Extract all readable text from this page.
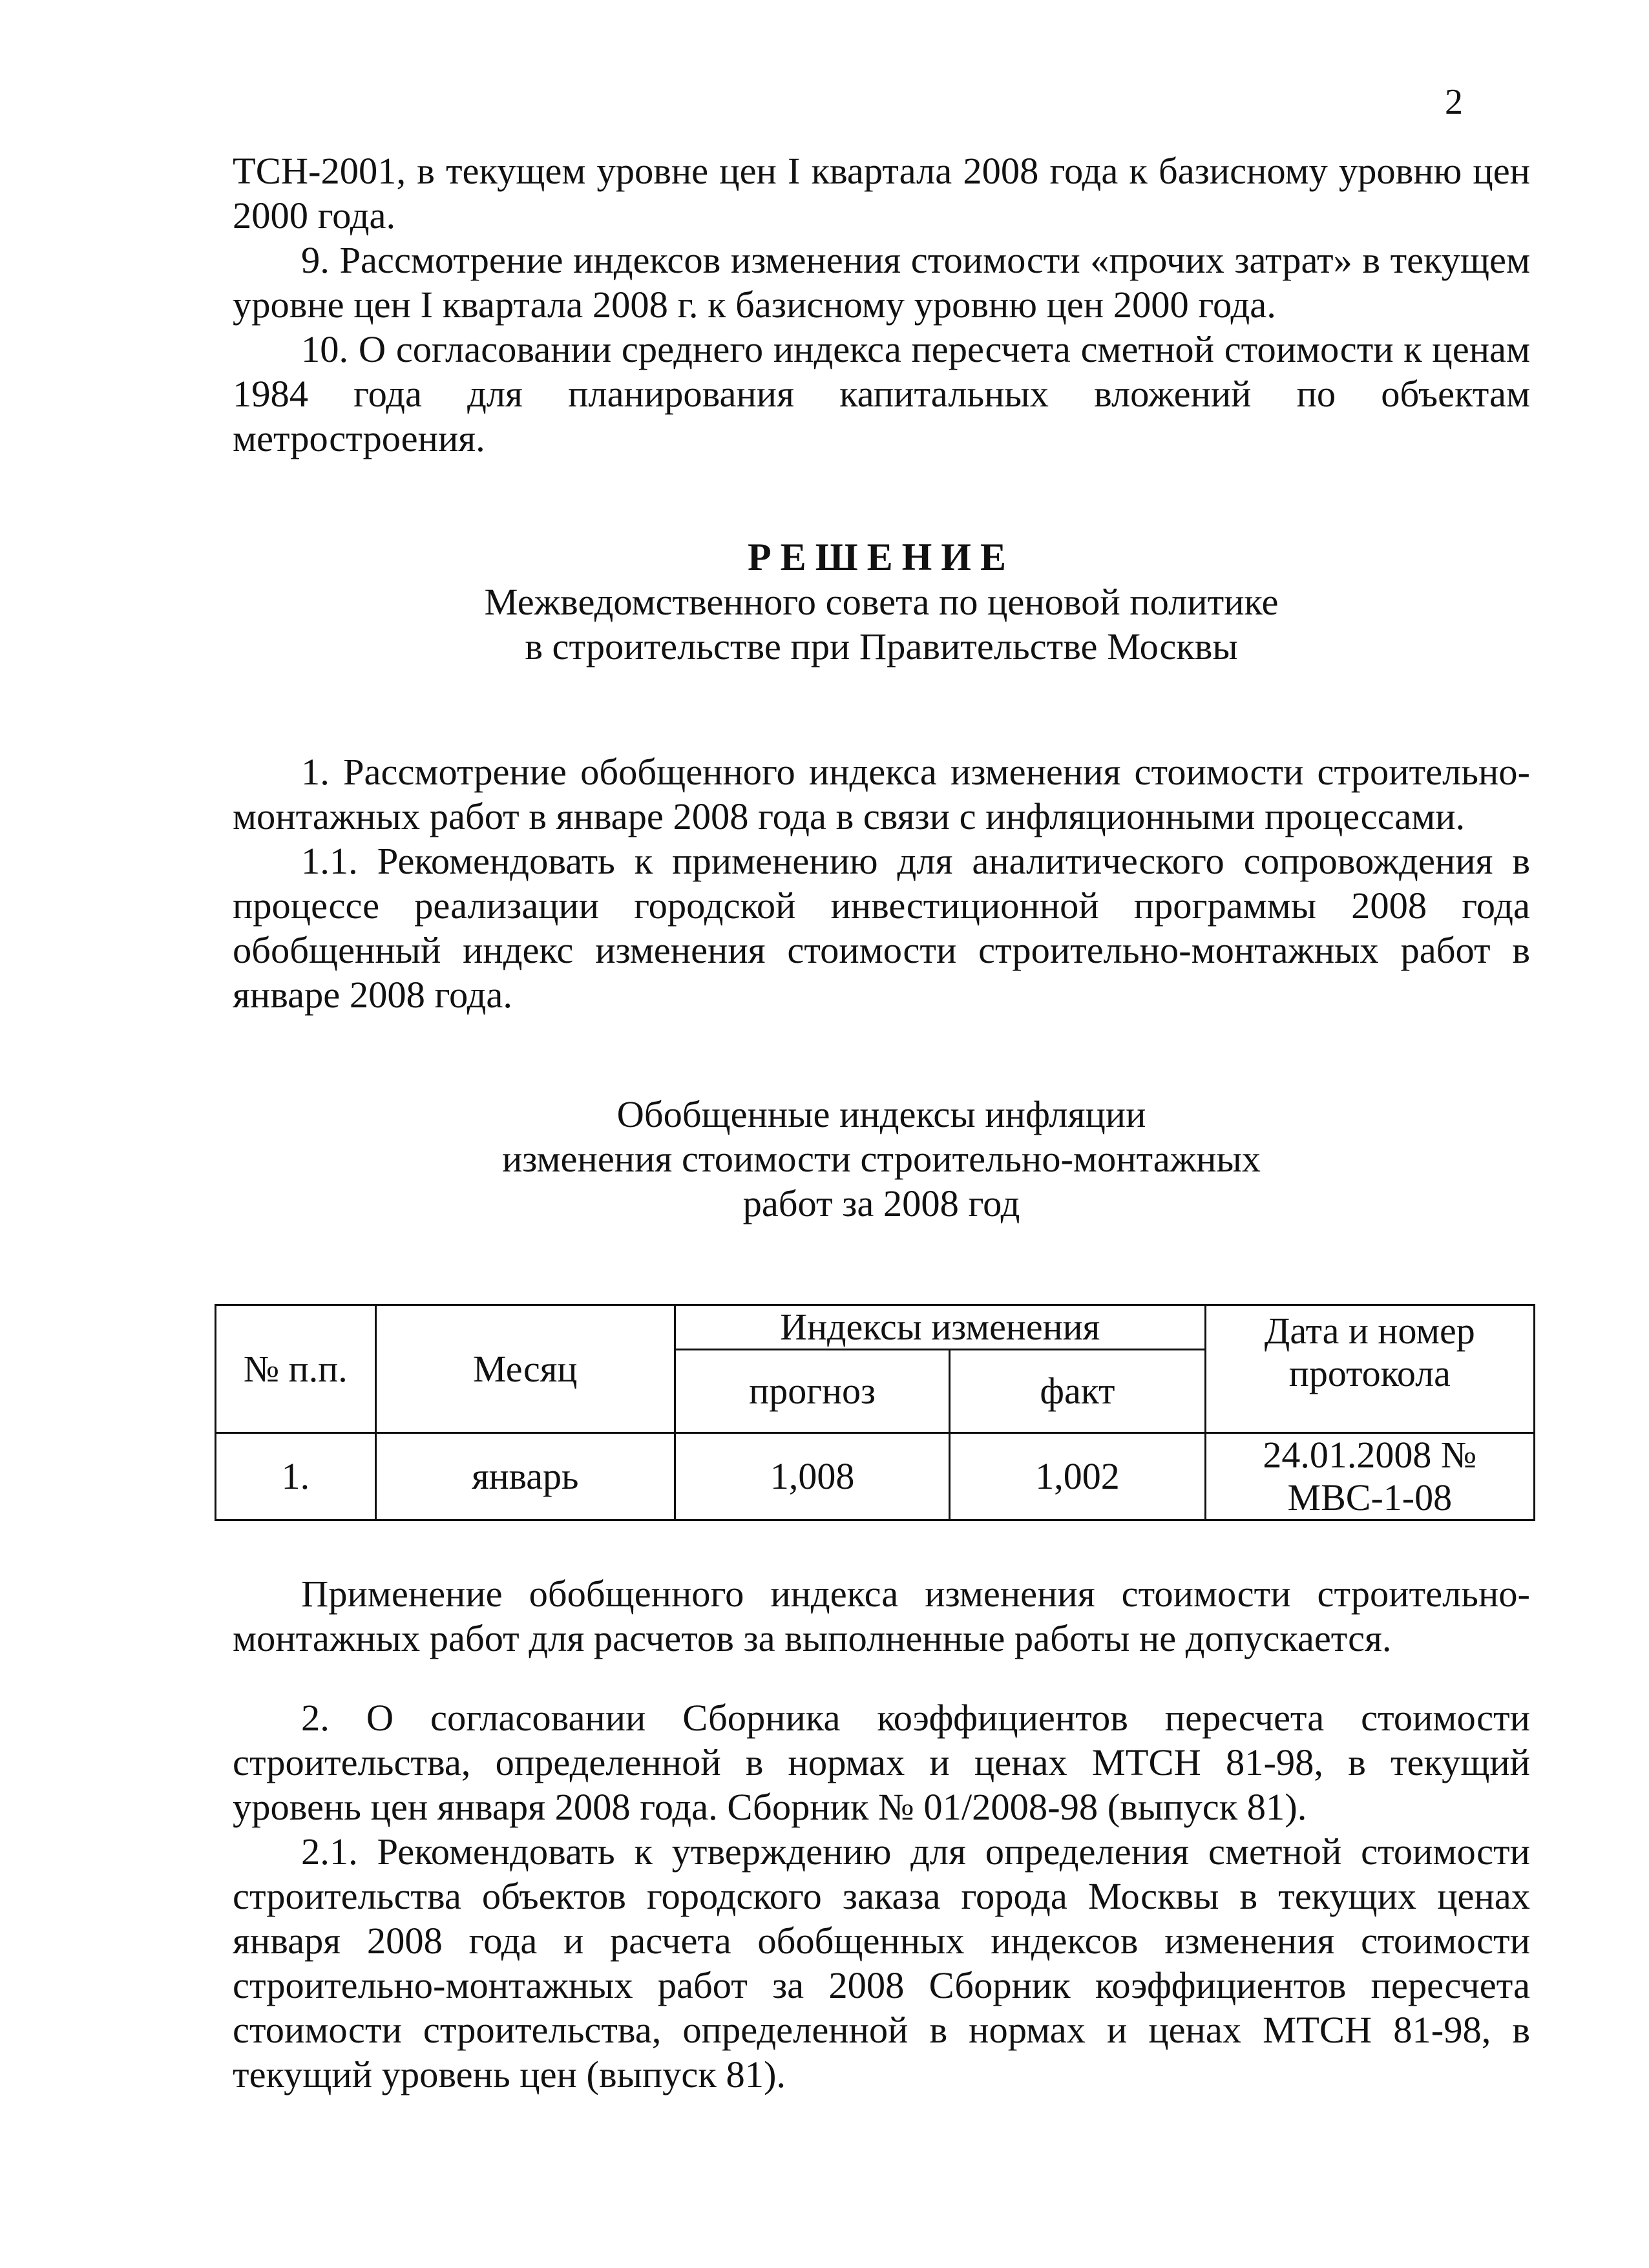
2

ТСН-2001, в текущем уровне цен I квартала 2008 года к базисному уровню цен 2000 года.

9. Рассмотрение индексов изменения стоимости «прочих затрат» в текущем уровне цен I квартала 2008 г. к базисному уровню цен 2000 года.

10. О согласовании среднего индекса пересчета сметной стоимости к ценам 1984 года для планирования капитальных вложений по объектам метростроения.

РЕШЕНИЕ

Межведомственного совета по ценовой политике

в строительстве при Правительстве Москвы

1. Рассмотрение обобщенного индекса изменения стоимости строительно-монтажных работ в январе 2008 года в связи с инфляционными процессами.

1.1. Рекомендовать к применению для аналитического сопровождения в процессе реализации городской инвестиционной программы 2008 года обобщенный индекс изменения стоимости строительно-монтажных работ в январе 2008 года.

Обобщенные индексы инфляции

изменения стоимости строительно-монтажных

работ за 2008 год

№ п.п.	Месяц	Индексы изменения		Дата и номер
протокола

		прогноз	факт	
1.	январь	1,008	1,002	24.01.2008 №
МВС-1-08

Применение обобщенного индекса изменения стоимости строительно-монтажных работ для расчетов за выполненные работы не допускается.

2. О согласовании Сборника коэффициентов пересчета стоимости строительства, определенной в нормах и ценах МТСН 81-98, в текущий уровень цен января 2008 года. Сборник № 01/2008-98 (выпуск 81).

2.1. Рекомендовать к утверждению для определения сметной стоимости строительства объектов городского заказа города Москвы в текущих ценах января 2008 года и расчета обобщенных индексов изменения стоимости строительно-монтажных работ за 2008 Сборник коэффициентов пересчета стоимости строительства, определенной в нормах и ценах МТСН 81-98, в текущий уровень цен (выпуск 81).
